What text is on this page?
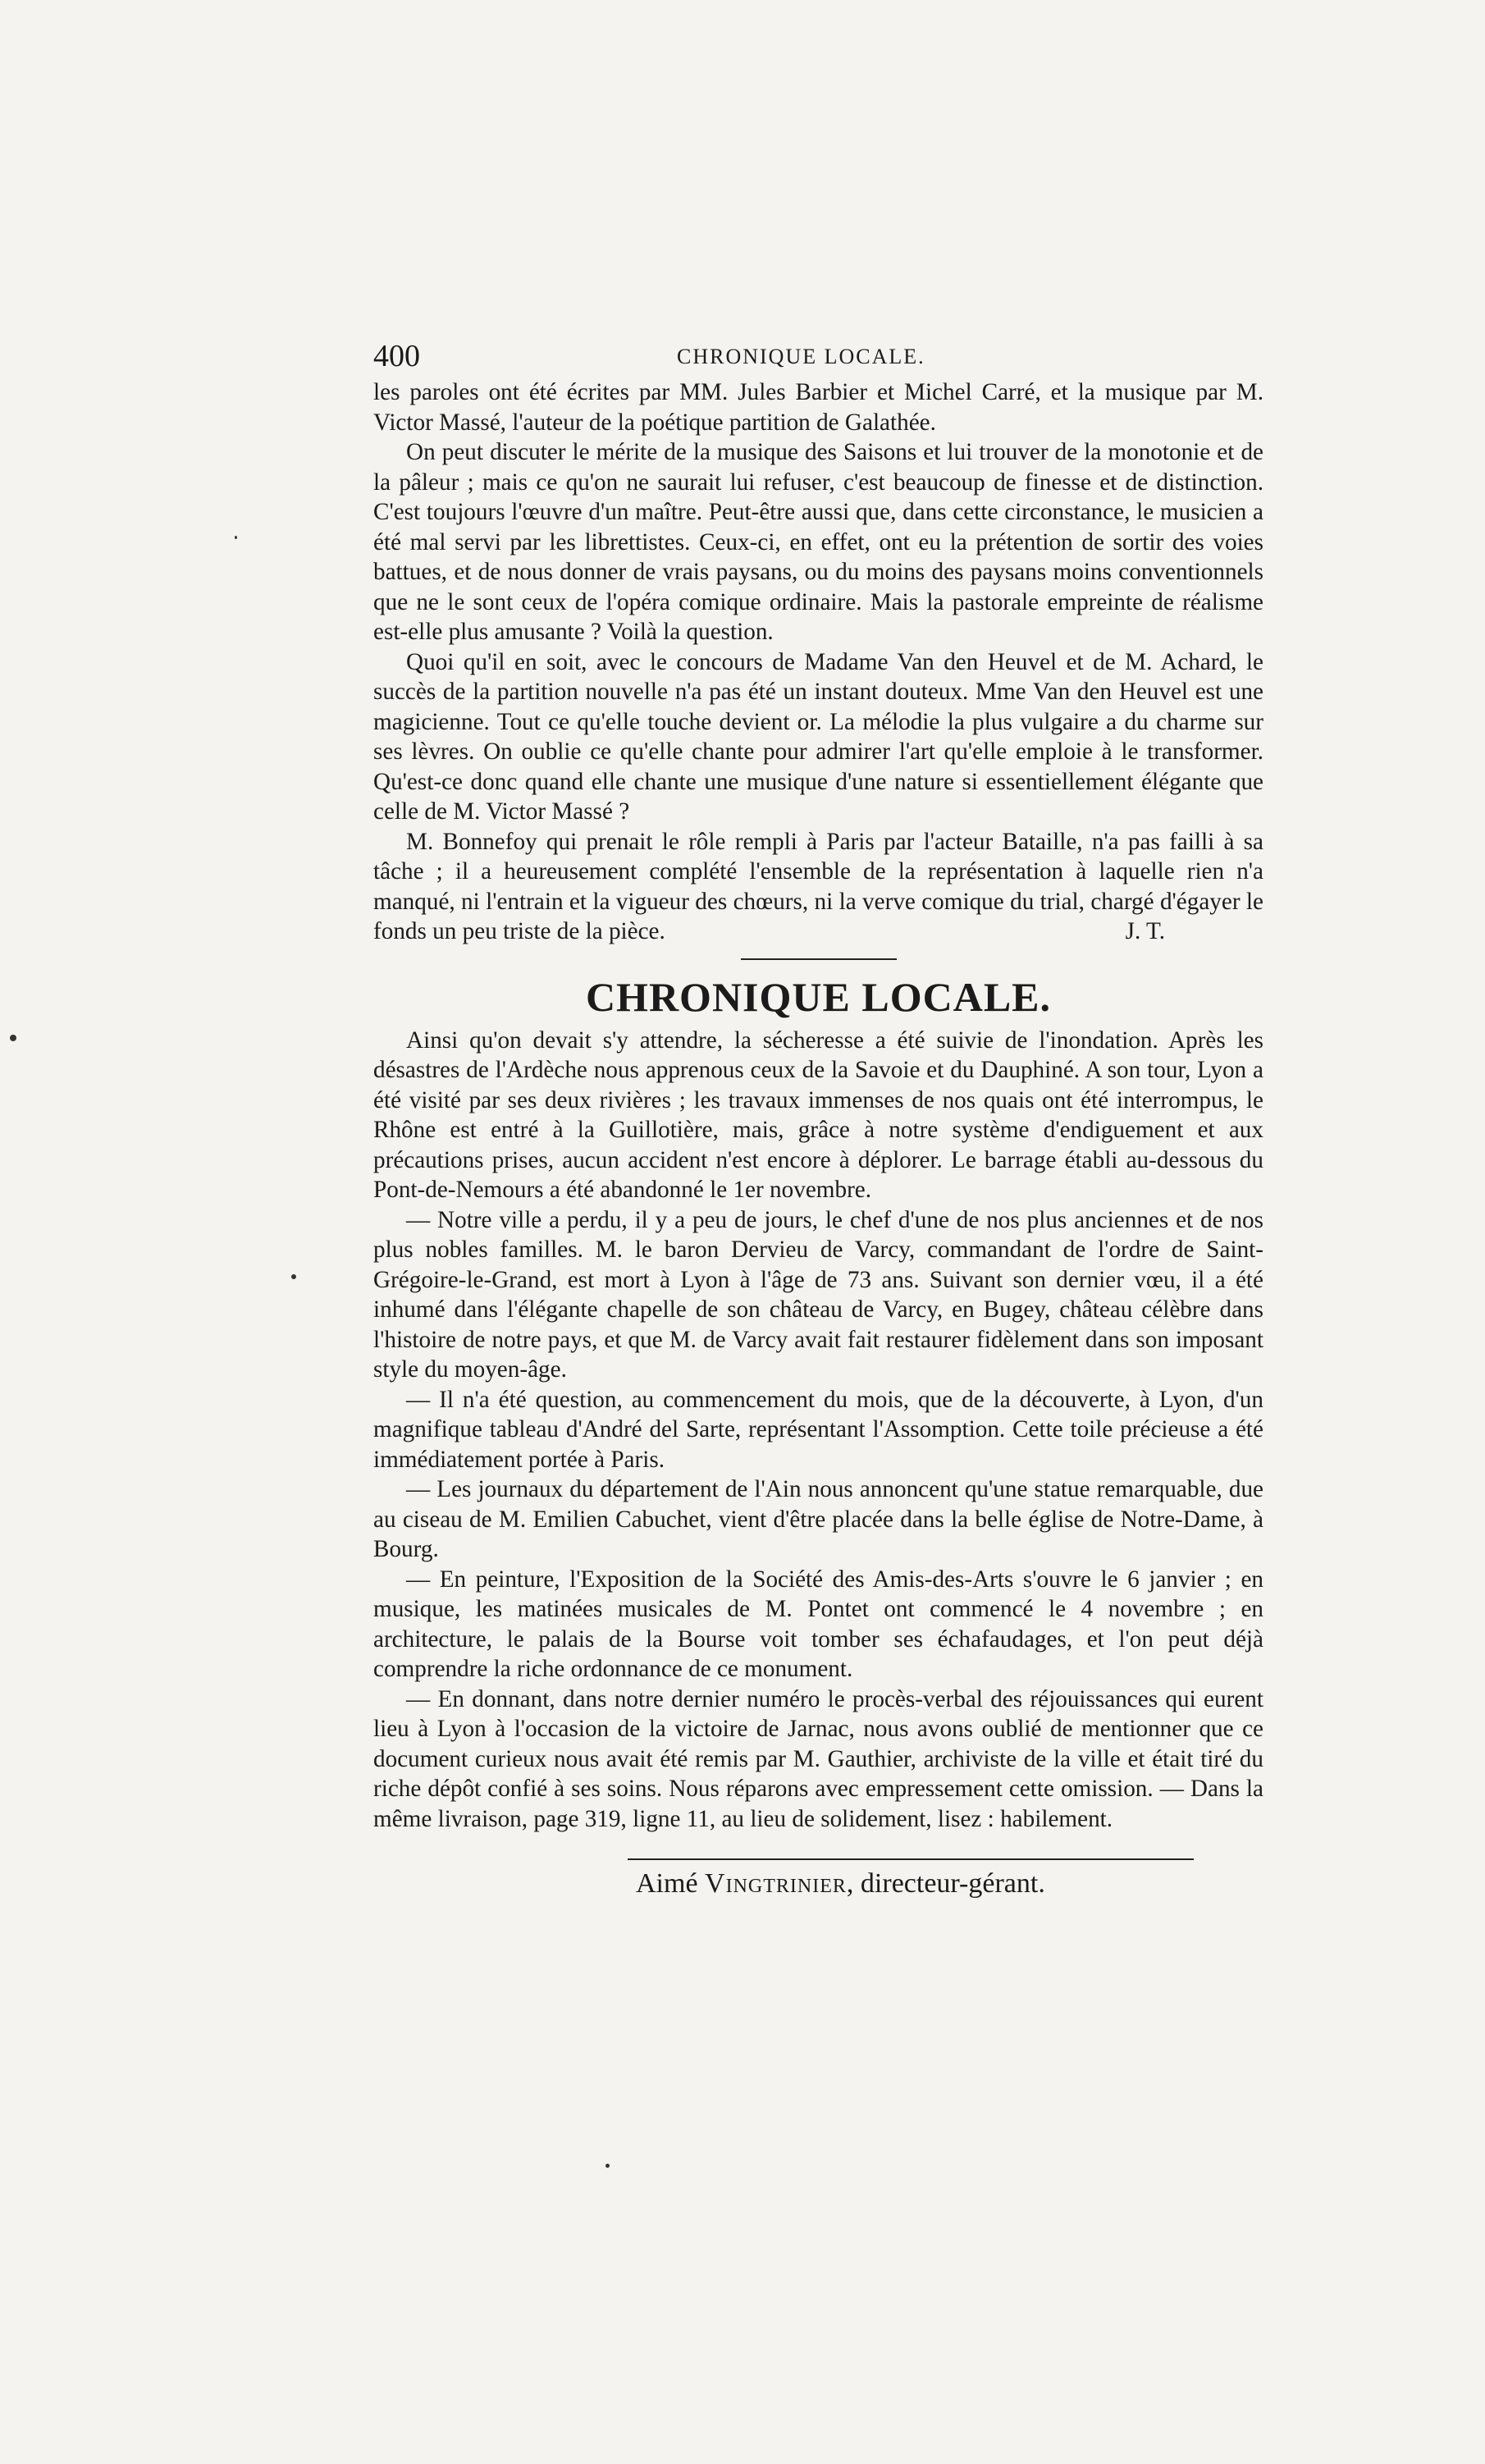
400	CHRONIQUE LOCALE.

les paroles ont été écrites par MM. Jules Barbier et Michel Carré, et la musique par M. Victor Massé, l'auteur de la poétique partition de Galathée.

On peut discuter le mérite de la musique des Saisons et lui trouver de la monotonie et de la pâleur ; mais ce qu'on ne saurait lui refuser, c'est beaucoup de finesse et de distinction. C'est toujours l'œuvre d'un maître. Peut-être aussi que, dans cette circonstance, le musicien a été mal servi par les librettistes. Ceux-ci, en effet, ont eu la prétention de sortir des voies battues, et de nous donner de vrais paysans, ou du moins des paysans moins conventionnels que ne le sont ceux de l'opéra comique ordinaire. Mais la pastorale empreinte de réalisme est-elle plus amusante ? Voilà la question.

Quoi qu'il en soit, avec le concours de Madame Van den Heuvel et de M. Achard, le succès de la partition nouvelle n'a pas été un instant douteux. Mme Van den Heuvel est une magicienne. Tout ce qu'elle touche devient or. La mélodie la plus vulgaire a du charme sur ses lèvres. On oublie ce qu'elle chante pour admirer l'art qu'elle emploie à le transformer. Qu'est-ce donc quand elle chante une musique d'une nature si essentiellement élégante que celle de M. Victor Massé ?

M. Bonnefoy qui prenait le rôle rempli à Paris par l'acteur Bataille, n'a pas failli à sa tâche ; il a heureusement complété l'ensemble de la représentation à laquelle rien n'a manqué, ni l'entrain et la vigueur des chœurs, ni la verve comique du trial, chargé d'égayer le fonds un peu triste de la pièce.	J. T.

CHRONIQUE LOCALE.

Ainsi qu'on devait s'y attendre, la sécheresse a été suivie de l'inondation. Après les désastres de l'Ardèche nous apprenous ceux de la Savoie et du Dauphiné. A son tour, Lyon a été visité par ses deux rivières ; les travaux immenses de nos quais ont été interrompus, le Rhône est entré à la Guillotière, mais, grâce à notre système d'endiguement et aux précautions prises, aucun accident n'est encore à déplorer. Le barrage établi au-dessous du Pont-de-Nemours a été abandonné le 1er novembre.

— Notre ville a perdu, il y a peu de jours, le chef d'une de nos plus anciennes et de nos plus nobles familles. M. le baron Dervieu de Varcy, commandant de l'ordre de Saint-Grégoire-le-Grand, est mort à Lyon à l'âge de 73 ans. Suivant son dernier vœu, il a été inhumé dans l'élégante chapelle de son château de Varcy, en Bugey, château célèbre dans l'histoire de notre pays, et que M. de Varcy avait fait restaurer fidèlement dans son imposant style du moyen-âge.

— Il n'a été question, au commencement du mois, que de la découverte, à Lyon, d'un magnifique tableau d'André del Sarte, représentant l'Assomption. Cette toile précieuse a été immédiatement portée à Paris.

— Les journaux du département de l'Ain nous annoncent qu'une statue remarquable, due au ciseau de M. Emilien Cabuchet, vient d'être placée dans la belle église de Notre-Dame, à Bourg.

— En peinture, l'Exposition de la Société des Amis-des-Arts s'ouvre le 6 janvier ; en musique, les matinées musicales de M. Pontet ont commencé le 4 novembre ; en architecture, le palais de la Bourse voit tomber ses échafaudages, et l'on peut déjà comprendre la riche ordonnance de ce monument.

— En donnant, dans notre dernier numéro le procès-verbal des réjouissances qui eurent lieu à Lyon à l'occasion de la victoire de Jarnac, nous avons oublié de mentionner que ce document curieux nous avait été remis par M. Gauthier, archiviste de la ville et était tiré du riche dépôt confié à ses soins. Nous réparons avec empressement cette omission. — Dans la même livraison, page 319, ligne 11, au lieu de solidement, lisez : habilement.

Aimé Vingtrinier, directeur-gérant.
